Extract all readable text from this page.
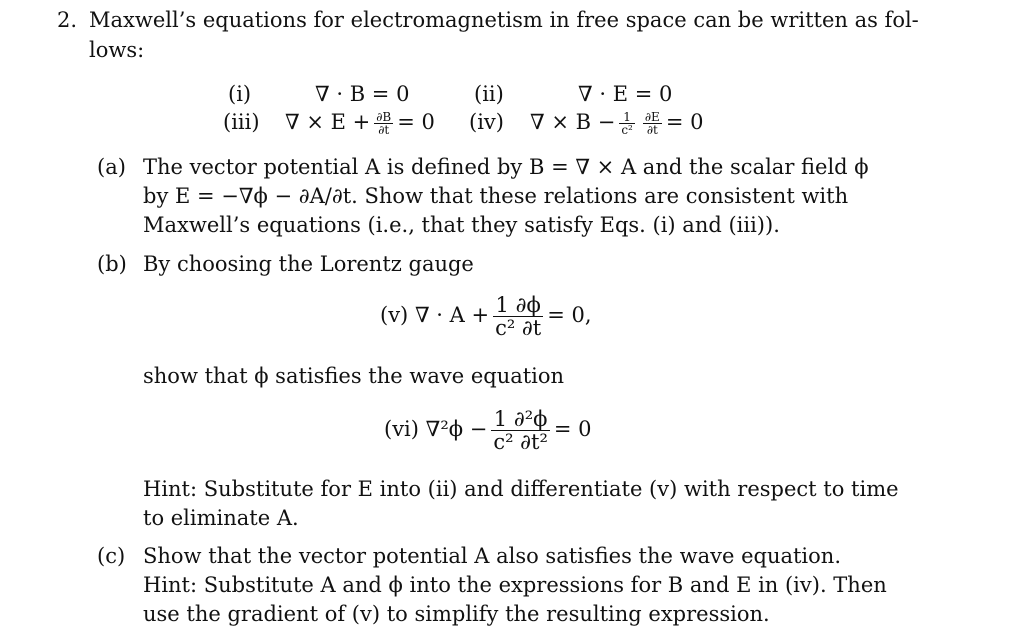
2. Maxwell’s equations for electromagnetism in free space can be written as fol-
lows:
(i)	∇ · B = 0	(ii)	∇ · E = 0
(iii) ∇ × $E + \frac{\partial B}{\partial t} = 0$ (iv) ∇ × $B - \frac{1}{\text{c²}} \frac{\partial E}{\partial t} = 0$
(a) The vector potential A is defined by B = ∇ × A and the scalar field ϕ
by E = −∇ϕ − ∂A/∂t. Show that these relations are consistent with
Maxwell’s equations (i.e., that they satisfy Eqs. (i) and (iii)).
(b) By choosing the Lorentz gauge
(v) ∇ · $A + \frac{1 \partial\phi}{\text{c² ∂t}} = 0$,
show that ϕ satisfies the wave equation
(vi) $\nabla^2\phi - \frac{\text{1 ∂²ϕ}}{\text{c² ∂t²}} = 0$
Hint: Substitute for E into (ii) and differentiate (v) with respect to time
to eliminate A.
(c) Show that the vector potential A also satisfies the wave equation.
Hint: Substitute A and ϕ into the expressions for B and E in (iv). Then
use the gradient of (v) to simplify the resulting expression.
